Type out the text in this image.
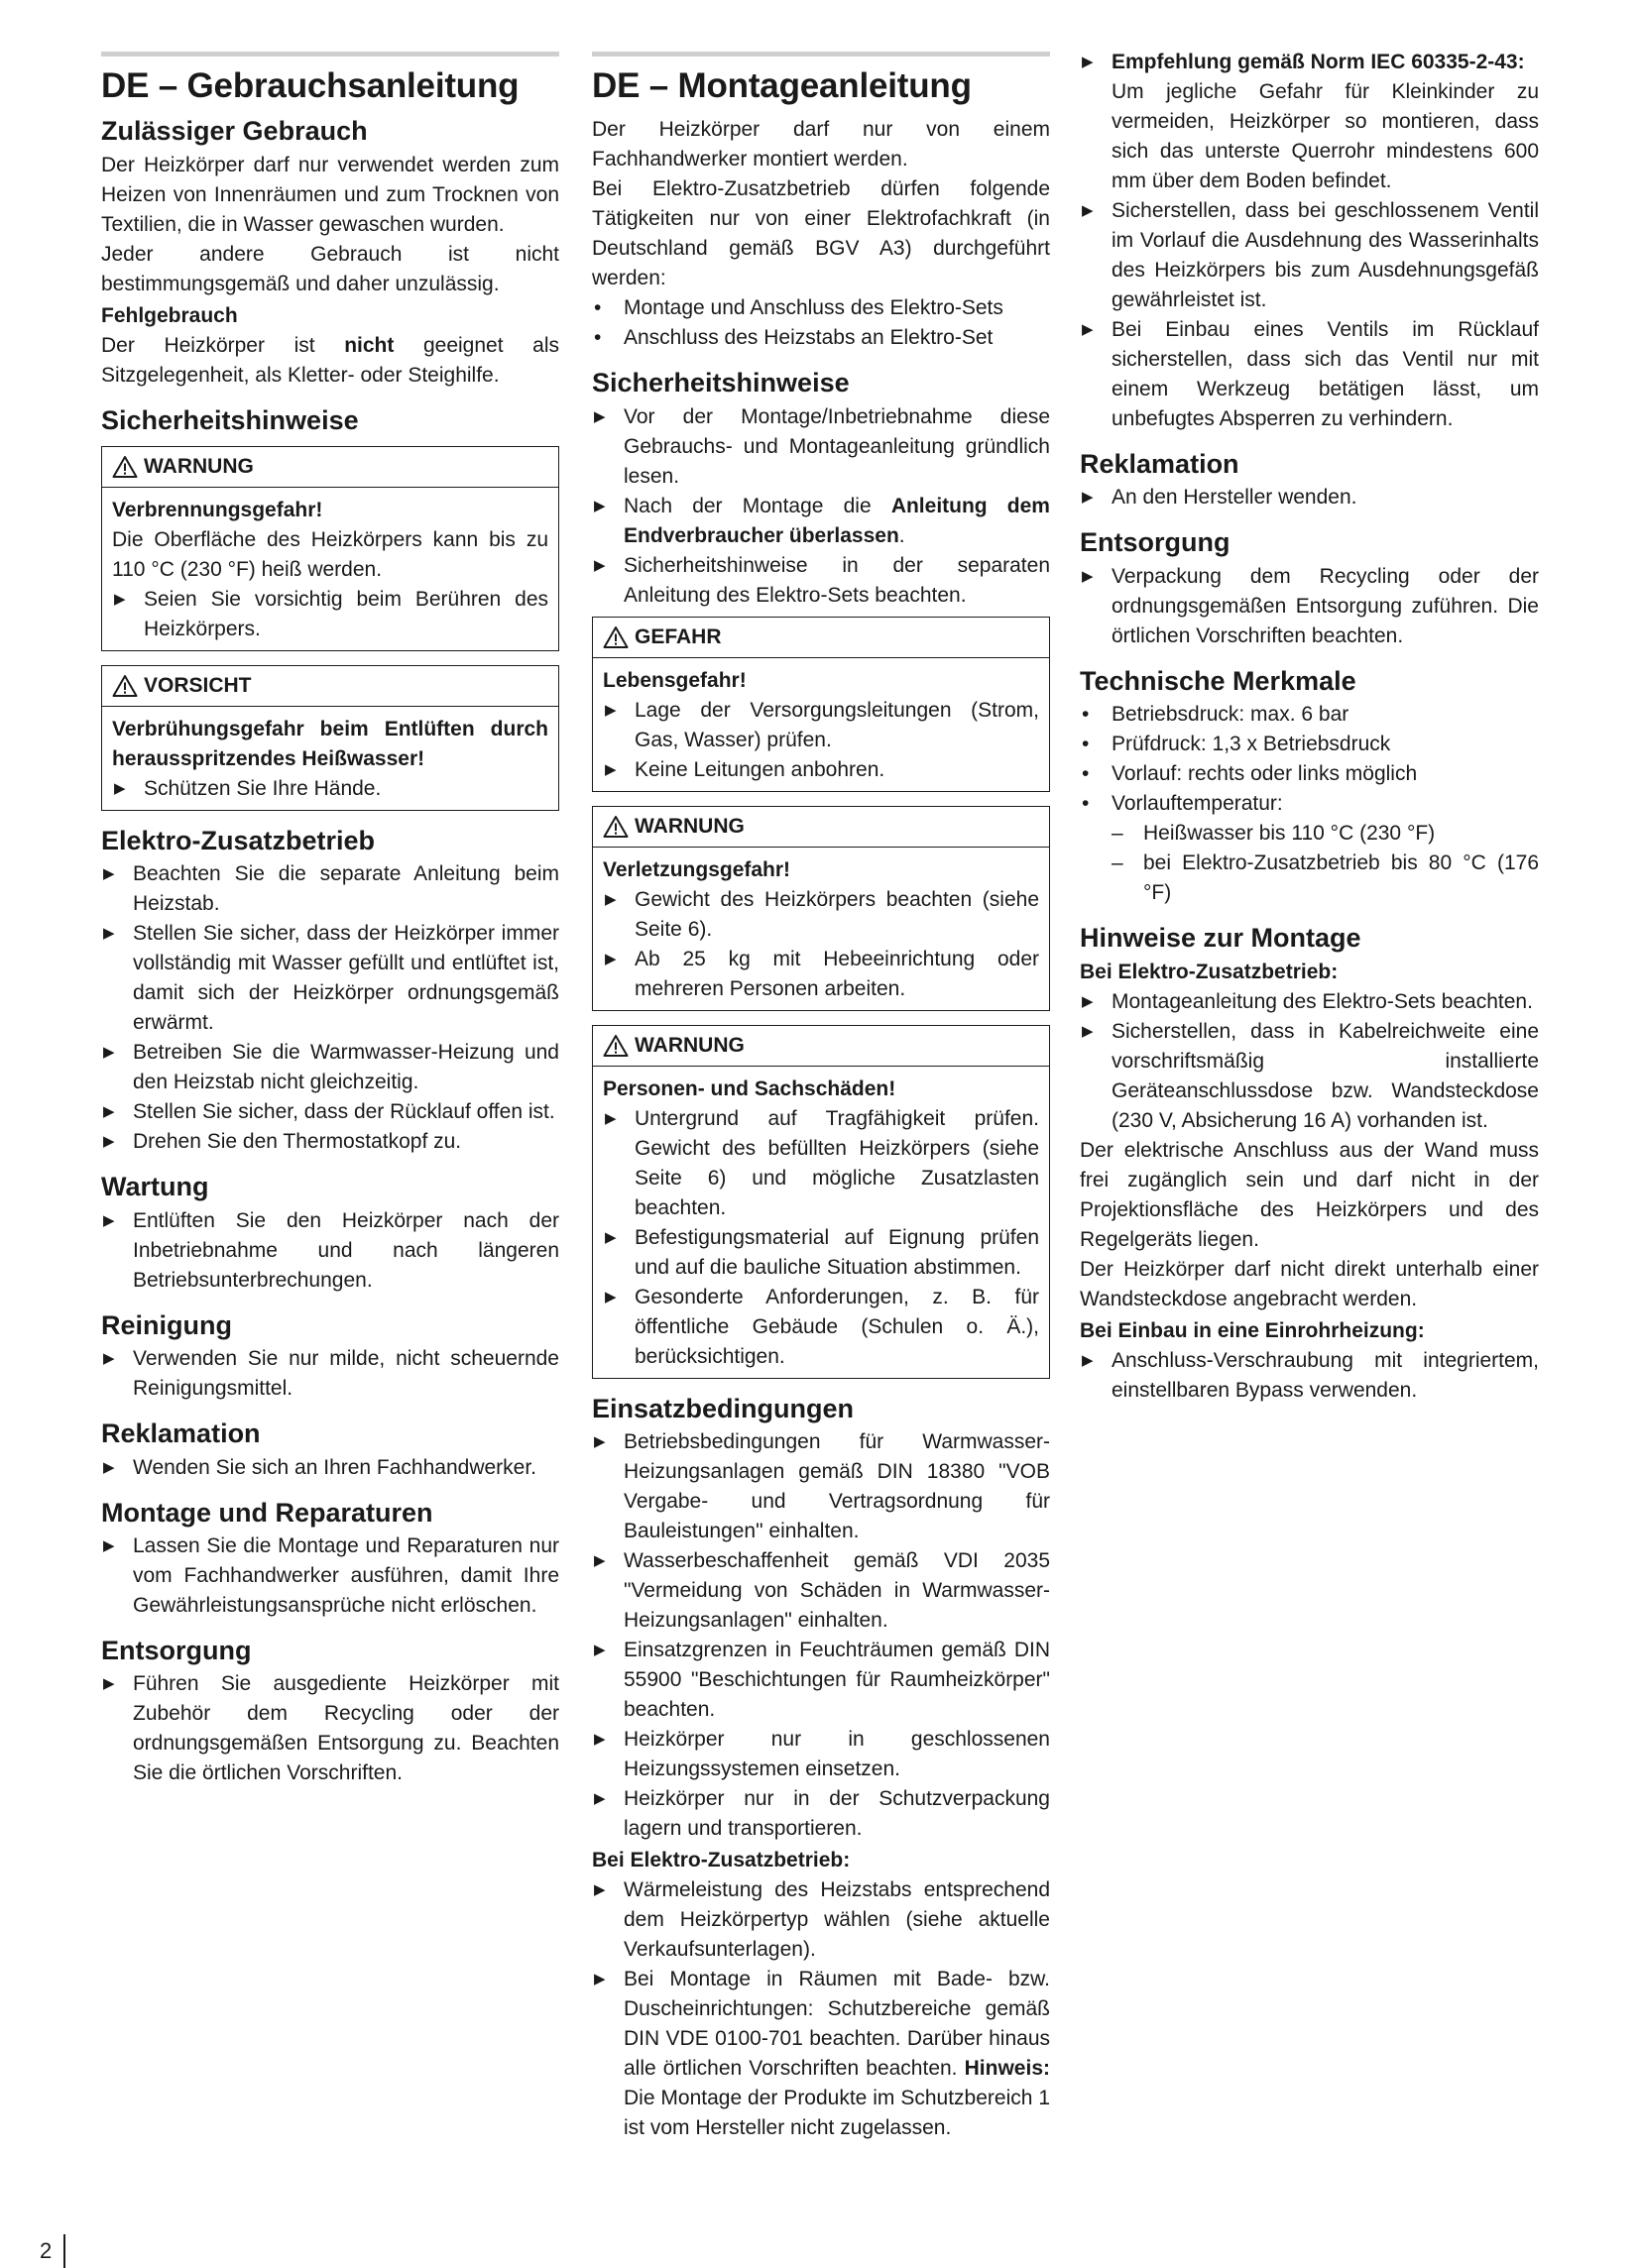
DE – Gebrauchsanleitung
Zulässiger Gebrauch

Der Heizkörper darf nur verwendet werden zum Heizen von Innenräumen und zum Trocknen von Textilien, die in Wasser gewaschen wurden.

Jeder andere Gebrauch ist nicht bestimmungsgemäß und daher unzulässig.

Fehlgebrauch

Der Heizkörper ist nicht geeignet als Sitzgelegenheit, als Kletter- oder Steighilfe.

Sicherheitshinweise
WARNUNG
Verbrennungsgefahr!

Die Oberfläche des Heizkörpers kann bis zu 110 °C (230 °F) heiß werden.

▶ Seien Sie vorsichtig beim Berühren des Heizkörpers.
VORSICHT
Verbrühungsgefahr beim Entlüften durch herausspritzendes Heißwasser!
▶ Schützen Sie Ihre Hände.
Elektro-Zusatzbetrieb
▶ Beachten Sie die separate Anleitung beim Heizstab.
▶ Stellen Sie sicher, dass der Heizkörper immer vollständig mit Wasser gefüllt und entlüftet ist, damit sich der Heizkörper ordnungsgemäß erwärmt.
▶ Betreiben Sie die Warmwasser-Heizung und den Heizstab nicht gleichzeitig.
▶ Stellen Sie sicher, dass der Rücklauf offen ist.
▶ Drehen Sie den Thermostatkopf zu.
Wartung
▶ Entlüften Sie den Heizkörper nach der Inbetriebnahme und nach längeren Betriebsunterbrechungen.
Reinigung
▶ Verwenden Sie nur milde, nicht scheuernde Reinigungsmittel.
Reklamation
▶ Wenden Sie sich an Ihren Fachhandwerker.
Montage und Reparaturen
▶ Lassen Sie die Montage und Reparaturen nur vom Fachhandwerker ausführen, damit Ihre Gewährleistungsansprüche nicht erlöschen.
Entsorgung
▶ Führen Sie ausgediente Heizkörper mit Zubehör dem Recycling oder der ordnungsgemäßen Entsorgung zu. Beachten Sie die örtlichen Vorschriften.
DE – Montageanleitung

Der Heizkörper darf nur von einem Fachhandwerker montiert werden.

Bei Elektro-Zusatzbetrieb dürfen folgende Tätigkeiten nur von einer Elektrofachkraft (in Deutschland gemäß BGV A3) durchgeführt werden:

• Montage und Anschluss des Elektro-Sets
• Anschluss des Heizstabs an Elektro-Set
Sicherheitshinweise
▶ Vor der Montage/Inbetriebnahme diese Gebrauchs- und Montageanleitung gründlich lesen.
▶ Nach der Montage die Anleitung dem Endverbraucher überlassen.
▶ Sicherheitshinweise in der separaten Anleitung des Elektro-Sets beachten.
GEFAHR
Lebensgefahr!
▶ Lage der Versorgungsleitungen (Strom, Gas, Wasser) prüfen.
▶ Keine Leitungen anbohren.
WARNUNG
Verletzungsgefahr!
▶ Gewicht des Heizkörpers beachten (siehe Seite 6).
▶ Ab 25 kg mit Hebeeinrichtung oder mehreren Personen arbeiten.
WARNUNG
Personen- und Sachschäden!
▶ Untergrund auf Tragfähigkeit prüfen. Gewicht des befüllten Heizkörpers (siehe Seite 6) und mögliche Zusatzlasten beachten.
▶ Befestigungsmaterial auf Eignung prüfen und auf die bauliche Situation abstimmen.
▶ Gesonderte Anforderungen, z. B. für öffentliche Gebäude (Schulen o. Ä.), berücksichtigen.
Einsatzbedingungen
▶ Betriebsbedingungen für Warmwasser-Heizungsanlagen gemäß DIN 18380 "VOB Vergabe- und Vertragsordnung für Bauleistungen" einhalten.
▶ Wasserbeschaffenheit gemäß VDI 2035 "Vermeidung von Schäden in Warmwasser-Heizungsanlagen" einhalten.
▶ Einsatzgrenzen in Feuchträumen gemäß DIN 55900 "Beschichtungen für Raumheizkörper" beachten.
▶ Heizkörper nur in geschlossenen Heizungssystemen einsetzen.
▶ Heizkörper nur in der Schutzverpackung lagern und transportieren.
Bei Elektro-Zusatzbetrieb:
▶ Wärmeleistung des Heizstabs entsprechend dem Heizkörpertyp wählen (siehe aktuelle Verkaufsunterlagen).
▶ Bei Montage in Räumen mit Bade- bzw. Duscheinrichtungen: Schutzbereiche gemäß DIN VDE 0100-701 beachten. Darüber hinaus alle örtlichen Vorschriften beachten. Hinweis: Die Montage der Produkte im Schutzbereich 1 ist vom Hersteller nicht zugelassen.
▶ Empfehlung gemäß Norm IEC 60335-2-43:
Um jegliche Gefahr für Kleinkinder zu vermeiden, Heizkörper so montieren, dass sich das unterste Querrohr mindestens 600 mm über dem Boden befindet.
▶ Sicherstellen, dass bei geschlossenem Ventil im Vorlauf die Ausdehnung des Wasserinhalts des Heizkörpers bis zum Ausdehnungsgefäß gewährleistet ist.
▶ Bei Einbau eines Ventils im Rücklauf sicherstellen, dass sich das Ventil nur mit einem Werkzeug betätigen lässt, um unbefugtes Absperren zu verhindern.
Reklamation
▶ An den Hersteller wenden.
Entsorgung
▶ Verpackung dem Recycling oder der ordnungsgemäßen Entsorgung zuführen. Die örtlichen Vorschriften beachten.
Technische Merkmale
• Betriebsdruck: max. 6 bar
• Prüfdruck: 1,3 x Betriebsdruck
• Vorlauf: rechts oder links möglich
• Vorlauftemperatur:
– Heißwasser bis 110 °C (230 °F)
– bei Elektro-Zusatzbetrieb bis 80 °C (176 °F)
Hinweise zur Montage
Bei Elektro-Zusatzbetrieb:
▶ Montageanleitung des Elektro-Sets beachten.
▶ Sicherstellen, dass in Kabelreichweite eine vorschriftsmäßig installierte Geräteanschlussdose bzw. Wandsteckdose (230 V, Absicherung 16 A) vorhanden ist.

Der elektrische Anschluss aus der Wand muss frei zugänglich sein und darf nicht in der Projektionsfläche des Heizkörpers und des Regelgeräts liegen.

Der Heizkörper darf nicht direkt unterhalb einer Wandsteckdose angebracht werden.

Bei Einbau in eine Einrohrheizung:
▶ Anschluss-Verschraubung mit integriertem, einstellbaren Bypass verwenden.
2
